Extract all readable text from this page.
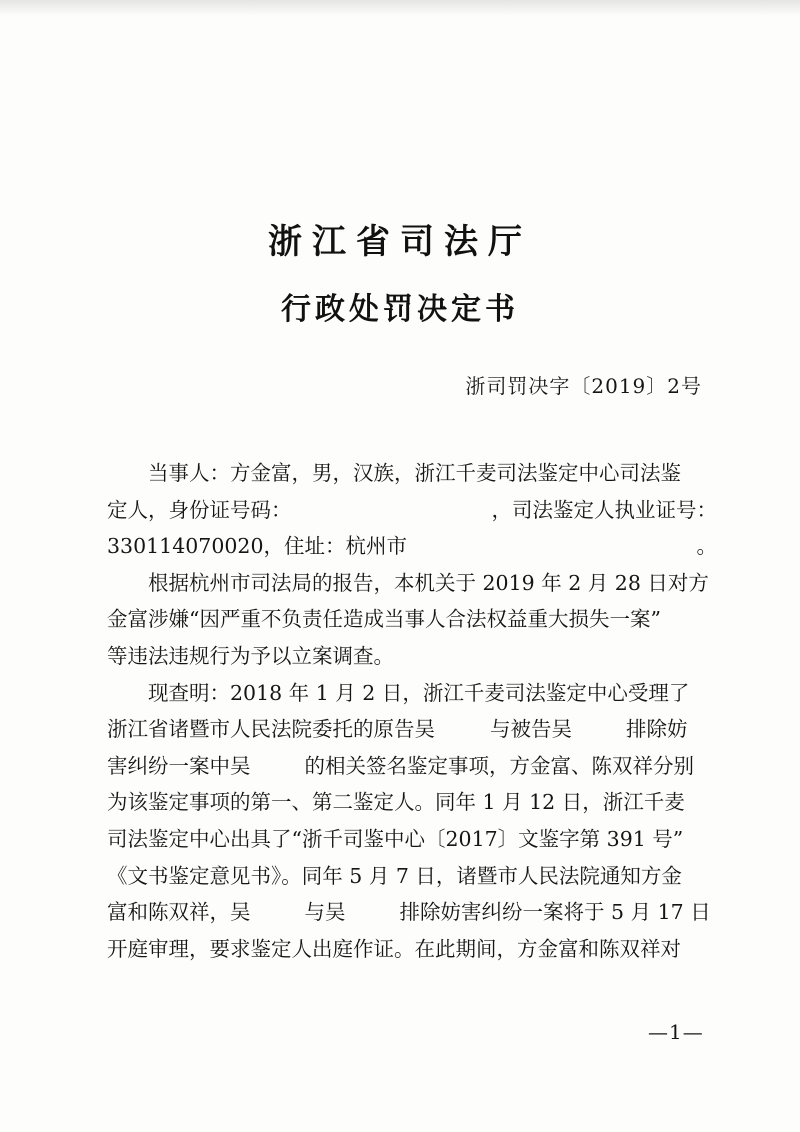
浙江省司法厅
行政处罚决定书
浙司罚决字〔2019〕2号
当事人：方金富，男，汉族，浙江千麦司法鉴定中心司法鉴
定人，身份证号码：	，司法鉴定人执业证号：
330114070020，住址：杭州市	。
根据杭州市司法局的报告，本机关于 2019 年 2 月 28 日对方
金富涉嫌“因严重不负责任造成当事人合法权益重大损失一案”
等违法违规行为予以立案调查。
现查明：2018 年 1 月 2 日，浙江千麦司法鉴定中心受理了
浙江省诸暨市人民法院委托的原告吴	与被告吴	排除妨
害纠纷一案中吴	的相关签名鉴定事项，方金富、陈双祥分别
为该鉴定事项的第一、第二鉴定人。同年 1 月 12 日，浙江千麦
司法鉴定中心出具了“浙千司鉴中心〔2017〕文鉴字第 391 号”
《文书鉴定意见书》。同年 5 月 7 日，诸暨市人民法院通知方金
富和陈双祥，吴	与吴	排除妨害纠纷一案将于 5 月 17 日
开庭审理，要求鉴定人出庭作证。在此期间，方金富和陈双祥对
—1—
